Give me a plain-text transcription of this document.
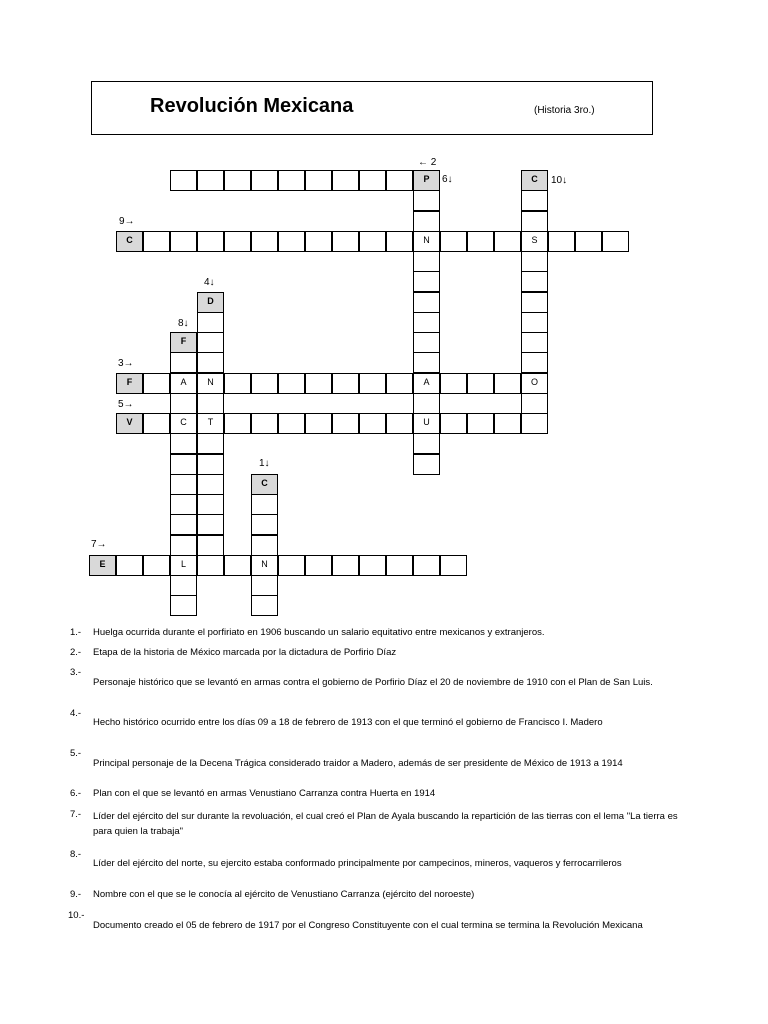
Revolución Mexicana	(Historia 3ro.)
P
C	N	S
F	A	N	A	O
V	C	T	U
E	L	N
C
D
F
C
← 2
6↓	10↓
9→
4↓
8↓
3→
5→
1↓
7→
1.- Huelga ocurrida durante el porfiriato en 1906 buscando un salario equitativo entre mexicanos y extranjeros.
2.- Etapa de la historia de México marcada por la dictadura de Porfirio Díaz
3.-
Personaje histórico que se levantó en armas contra el gobierno de Porfirio Díaz el 20 de noviembre de 1910 con el Plan de San Luis.
4.-
Hecho histórico ocurrido entre los días 09 a 18 de febrero de 1913 con el que terminó el gobierno de Francisco I. Madero
5.-
Principal personaje de la Decena Trágica considerado traidor a Madero, además de ser presidente de México de 1913 a 1914
6.- Plan con el que se levantó en armas Venustiano Carranza contra Huerta en 1914
7.- Líder del ejército del sur durante la revoluación, el cual creó el Plan de Ayala buscando la repartición de las tierras con el lema "La tierra es para quien la trabaja"
8.-
Líder del ejército del norte, su ejercito estaba conformado principalmente por campecinos, mineros, vaqueros y ferrocarrileros
9.- Nombre con el que se le conocía al ejército de Venustiano Carranza (ejército del noroeste)
10.-
Documento creado el 05 de febrero de 1917 por el Congreso Constituyente con el cual termina se termina la Revolución Mexicana
